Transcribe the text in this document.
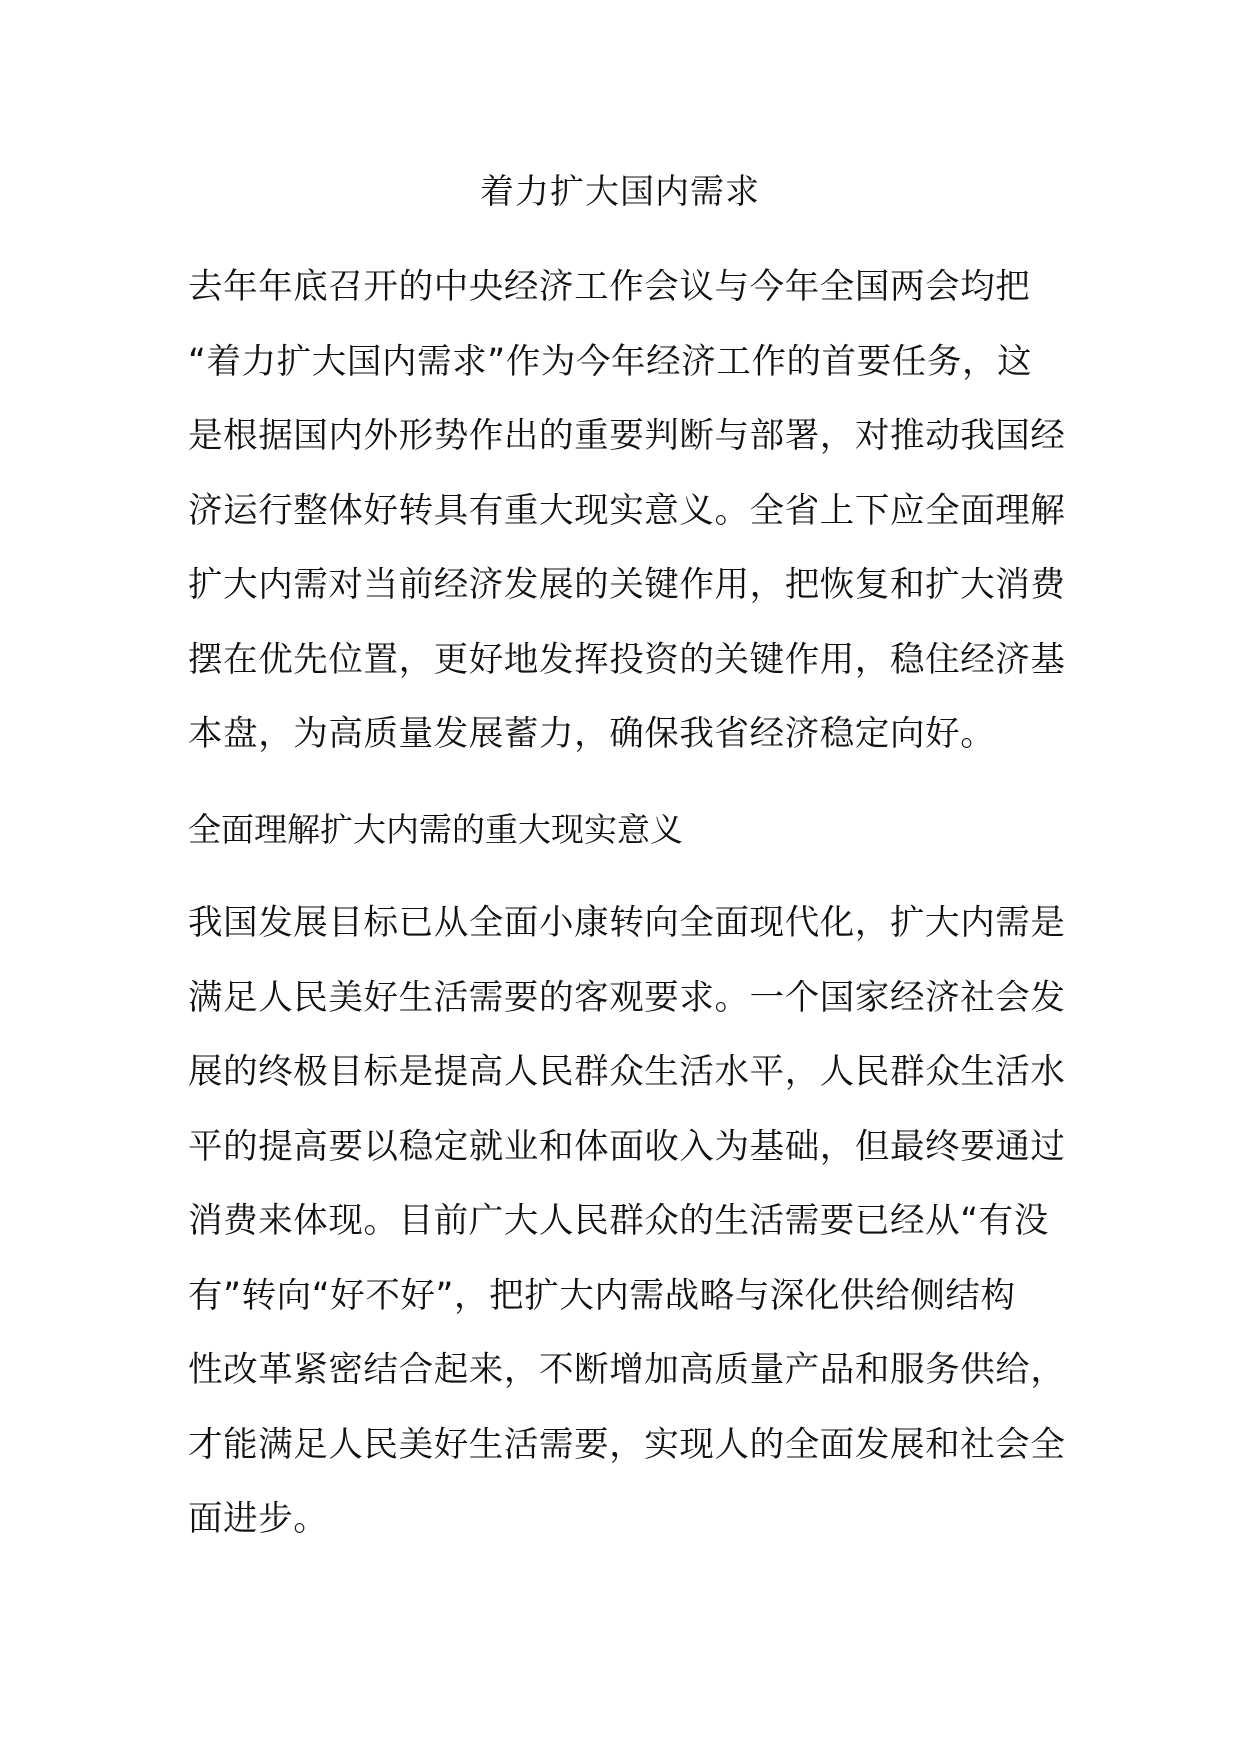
着力扩大国内需求

去年年底召开的中央经济工作会议与今年全国两会均把
“着力扩大国内需求”作为今年经济工作的首要任务，这
是根据国内外形势作出的重要判断与部署，对推动我国经
济运行整体好转具有重大现实意义。全省上下应全面理解
扩大内需对当前经济发展的关键作用，把恢复和扩大消费
摆在优先位置，更好地发挥投资的关键作用，稳住经济基
本盘，为高质量发展蓄力，确保我省经济稳定向好。

全面理解扩大内需的重大现实意义

我国发展目标已从全面小康转向全面现代化，扩大内需是
满足人民美好生活需要的客观要求。一个国家经济社会发
展的终极目标是提高人民群众生活水平，人民群众生活水
平的提高要以稳定就业和体面收入为基础，但最终要通过
消费来体现。目前广大人民群众的生活需要已经从“有没
有”转向“好不好”，把扩大内需战略与深化供给侧结构
性改革紧密结合起来，不断增加高质量产品和服务供给，
才能满足人民美好生活需要，实现人的全面发展和社会全
面进步。
